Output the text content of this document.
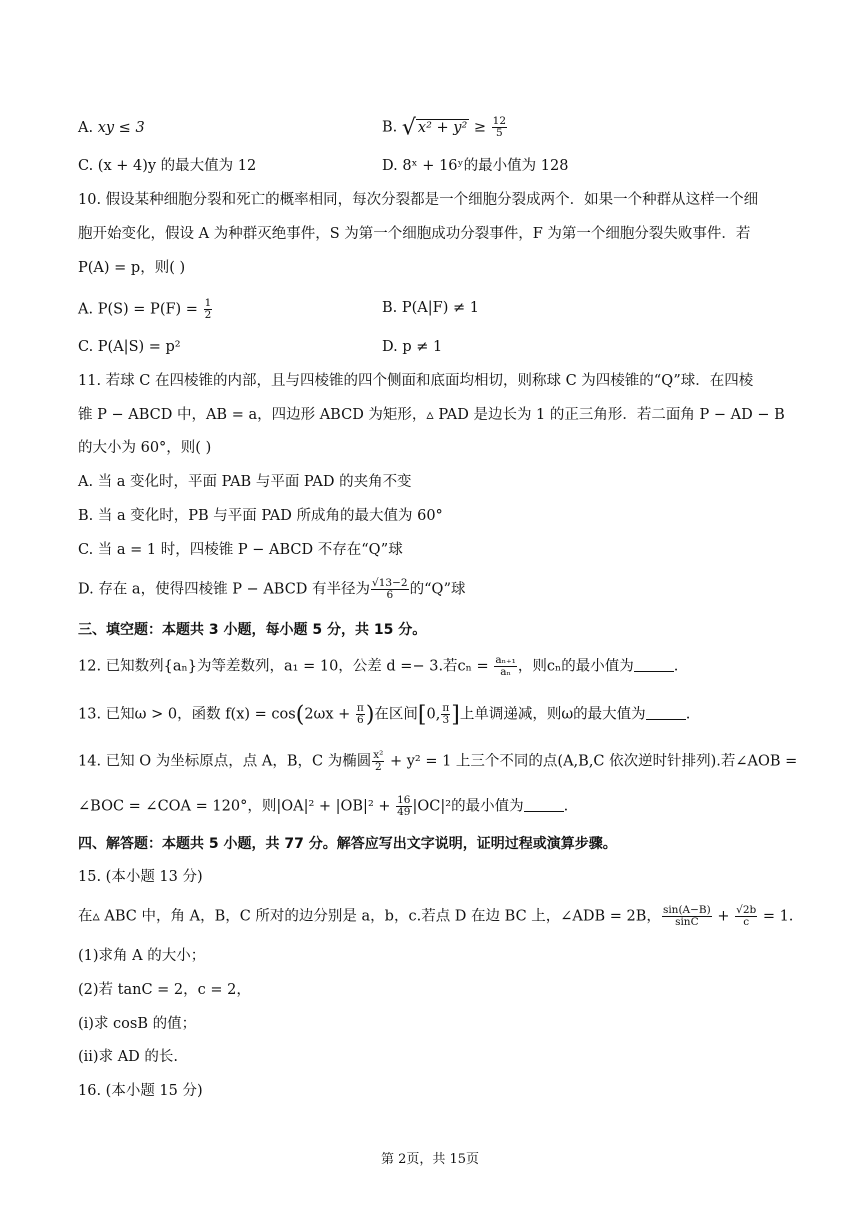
A. xy ≤ 3	B. √ $x^2 + y^2 \ge \frac{12}{5}$
C. (x + 4)y 的最大值为 12	D. 8ˣ + 16ʸ的最小值为 128
10. 假设某种细胞分裂和死亡的概率相同，每次分裂都是一个细胞分裂成两个．如果一个种群从这样一个细
胞开始变化，假设 A 为种群灭绝事件，S 为第一个细胞成功分裂事件，F 为第一个细胞分裂失败事件．若
P(A) = p，则( )
A. $P(S) = P(F) = \frac{1}{2}$	B. P(A|F) ≠ 1
C. P(A|S) = p²	D. p ≠ 1
11. 若球 C 在四棱锥的内部，且与四棱锥的四个侧面和底面均相切，则称球 C 为四棱锥的“Q”球．在四棱
锥 P − ABCD 中，AB = a，四边形 ABCD 为矩形，▵ PAD 是边长为 1 的正三角形．若二面角 P − AD − B
的大小为 60°，则( )
A. 当 a 变化时，平面 PAB 与平面 PAD 的夹角不变
B. 当 a 变化时，PB 与平面 PAD 所成角的最大值为 60°
C. 当 a = 1 时，四棱锥 P − ABCD 不存在“Q”球
D. 存在 a，使得四棱锥 P − ABCD 有半径为 $\frac{√13-2}{6}$ 的“Q”球
三、填空题：本题共 3 小题，每小题 5 分，共 15 分。
12. 已知数列{aₙ}为等差数列，a₁ = 10，公差 d =− 3.若$c_n = \frac{\text{aₙ₊₁}}{\text{aₙ}}$ ，则cₙ的最小值为	.
13. 已知ω > 0，函数 $f(x) = \cos(2\omega x + \frac{\pi}{6}$ )在区间[0, $\frac{\pi}{3}$ ]上单调递减，则ω的最大值为	.
14. 已知 O 为坐标原点，点 A，B，C 为椭圆 $\frac{\text{x²}}{2} + y^2 = 1$ 上三个不同的点(A,B,C 依次逆时针排列).若∠AOB =
∠BOC = ∠COA = 120°，则$|OA|^2 + |OB|^2 + \frac{16}{49} |OC|^2$的最小值为	.
四、解答题：本题共 5 小题，共 77 分。解答应写出文字说明，证明过程或演算步骤。
15. (本小题 13 分)
在▵ ABC 中，角 A，B，C 所对的边分别是 a，b，c.若点 D 在边 BC 上，∠ADB = 2B， $\frac{\sin(A-B)}{\sin C} + \frac{√2b}{c} = 1$.
(1)求角 A 的大小；
(2)若 tanC = 2，c = 2，
(ⅰ)求 cosB 的值；
(ⅱ)求 AD 的长.
16. (本小题 15 分)
第 2页，共 15页
